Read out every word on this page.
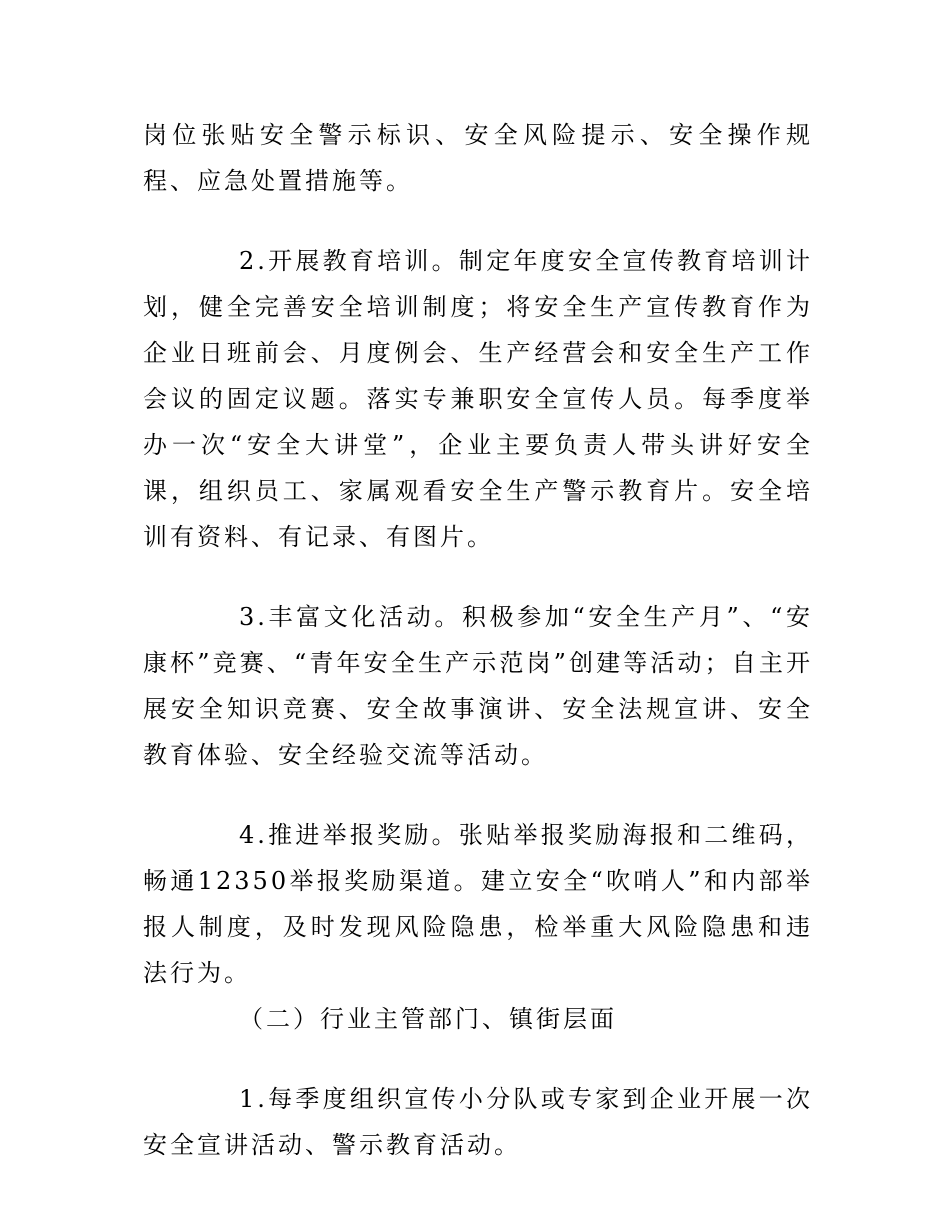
岗位张贴安全警示标识、安全风险提示、安全操作规程、应急处置措施等。

2.开展教育培训。制定年度安全宣传教育培训计划，健全完善安全培训制度；将安全生产宣传教育作为企业日班前会、月度例会、生产经营会和安全生产工作会议的固定议题。落实专兼职安全宣传人员。每季度举办一次“安全大讲堂”，企业主要负责人带头讲好安全课，组织员工、家属观看安全生产警示教育片。安全培训有资料、有记录、有图片。

3.丰富文化活动。积极参加“安全生产月”、“安康杯”竞赛、“青年安全生产示范岗”创建等活动；自主开展安全知识竞赛、安全故事演讲、安全法规宣讲、安全教育体验、安全经验交流等活动。

4.推进举报奖励。张贴举报奖励海报和二维码，畅通12350举报奖励渠道。建立安全“吹哨人”和内部举报人制度，及时发现风险隐患，检举重大风险隐患和违法行为。

（二）行业主管部门、镇街层面

1.每季度组织宣传小分队或专家到企业开展一次安全宣讲活动、警示教育活动。
